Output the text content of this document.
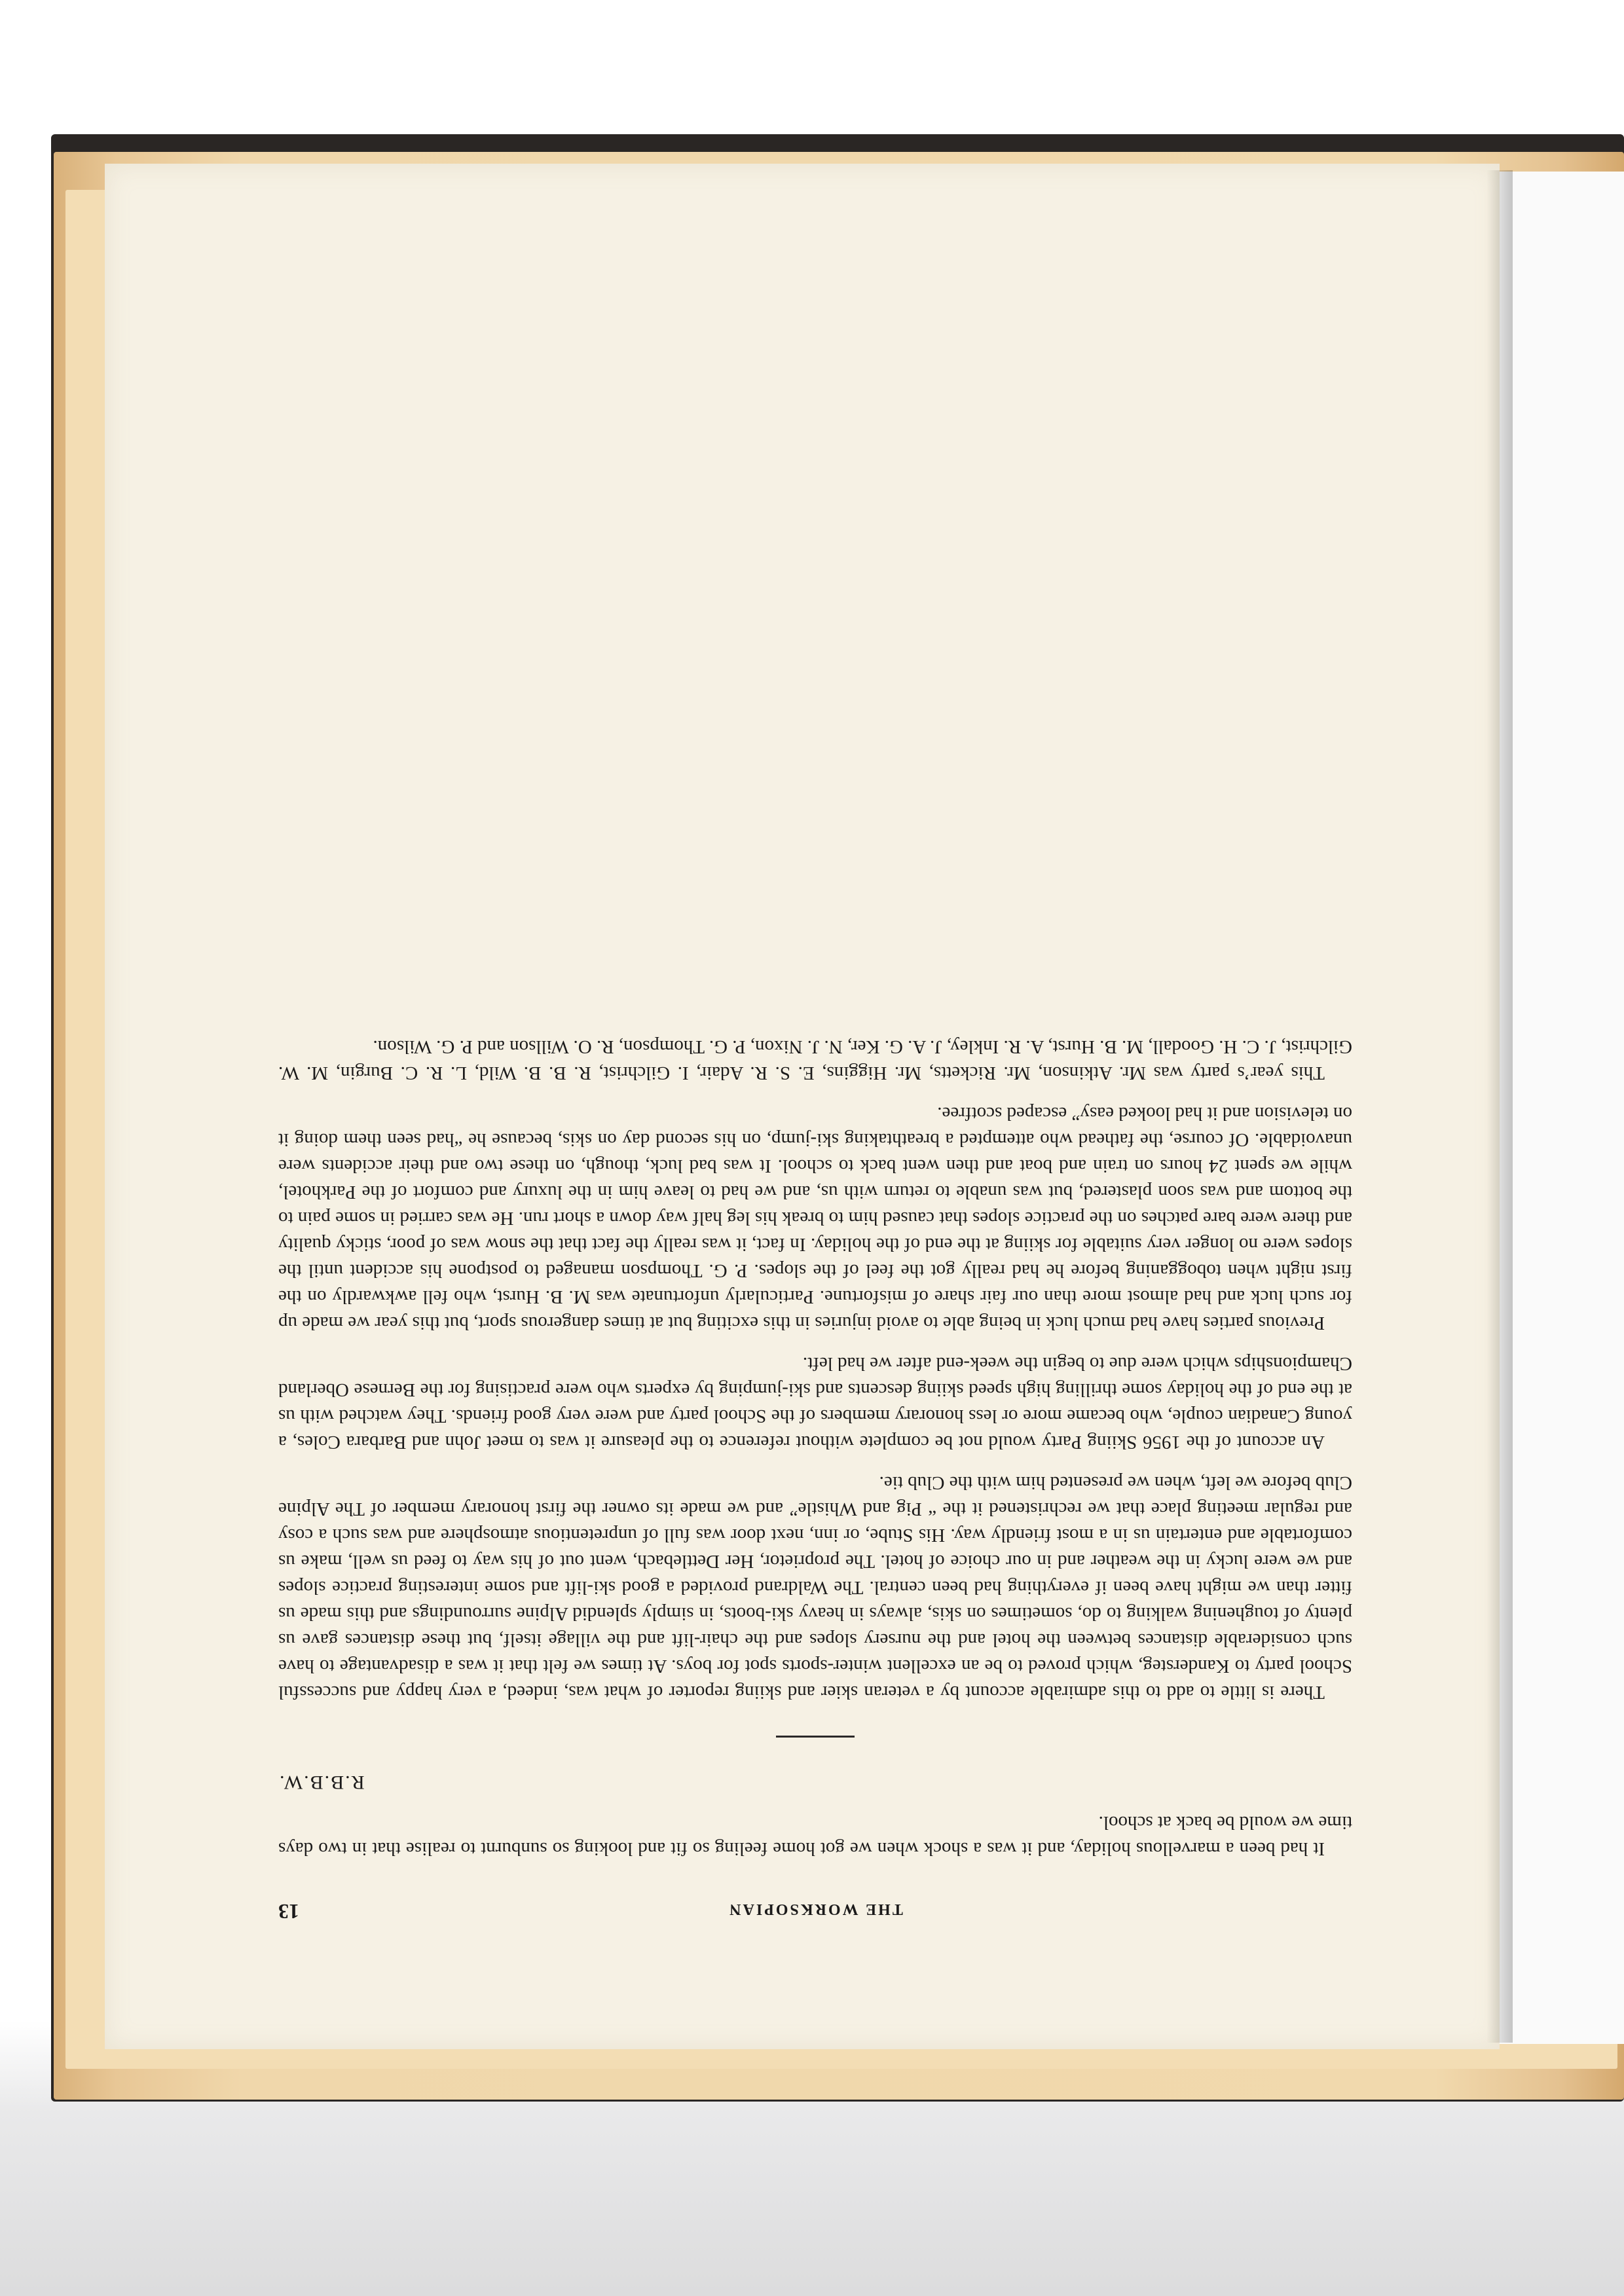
THE WORKSOPIAN
13

It had been a marvellous holiday, and it was a shock when we got home feeling so fit and looking so sunburnt to realise that in two days time we would be back at school.

R.B.B.W.

There is little to add to this admirable account by a veteran skier and skiing reporter of what was, indeed, a very happy and successful School party to Kandersteg, which proved to be an excellent winter-sports spot for boys. At times we felt that it was a disadvantage to have such considerable distances between the hotel and the nursery slopes and the chair-lift and the village itself, but these distances gave us plenty of toughening walking to do, sometimes on skis, always in heavy ski-boots, in simply splendid Alpine surroundings and this made us fitter than we might have been if everything had been central. The Waldrand provided a good ski-lift and some interesting practice slopes and we were lucky in the weather and in our choice of hotel. The proprietor, Her Dettlebach, went out of his way to feed us well, make us comfortable and entertain us in a most friendly way. His Stube, or inn, next door was full of unpretentious atmosphere and was such a cosy and regular meeting place that we rechristened it the “ Pig and Whistle” and we made its owner the first honorary member of The Alpine Club before we left, when we presented him with the Club tie.

An account of the 1956 Skiing Party would not be complete without reference to the pleasure it was to meet John and Barbara Coles, a young Canadian couple, who became more or less honorary members of the School party and were very good friends. They watched with us at the end of the holiday some thrilling high speed skiing descents and ski-jumping by experts who were practising for the Bernese Oberland Championships which were due to begin the week-end after we had left.

Previous parties have had much luck in being able to avoid injuries in this exciting but at times dangerous sport, but this year we made up for such luck and had almost more than our fair share of misfortune. Particularly unfortunate was M. B. Hurst, who fell awkwardly on the first night when tobogganing before he had really got the feel of the slopes. P. G. Thompson managed to postpone his accident until the slopes were no longer very suitable for skiing at the end of the holiday. In fact, it was really the fact that the snow was of poor, sticky quality and there were bare patches on the practice slopes that caused him to break his leg half way down a short run. He was carried in some pain to the bottom and was soon plastered, but was unable to return with us, and we had to leave him in the luxury and comfort of the Parkhotel, while we spent 24 hours on train and boat and then went back to school. It was bad luck, though, on these two and their accidents were unavoidable. Of course, the fathead who attempted a breathtaking ski-jump, on his second day on skis, because he “had seen them doing it on television and it had looked easy” escaped scotfree.

This year’s party was Mr. Atkinson, Mr. Ricketts, Mr. Higgins, E. S. R. Adair, I. Gilchrist, R. B. B. Wild, L. R. C. Burgin, M. W. Gilchrist, J. C. H. Goodall, M. B. Hurst, A. R. Inkley, J. A. G. Ker, N. J. Nixon, P. G. Thompson, R. O. Willson and P. G. Wilson.
